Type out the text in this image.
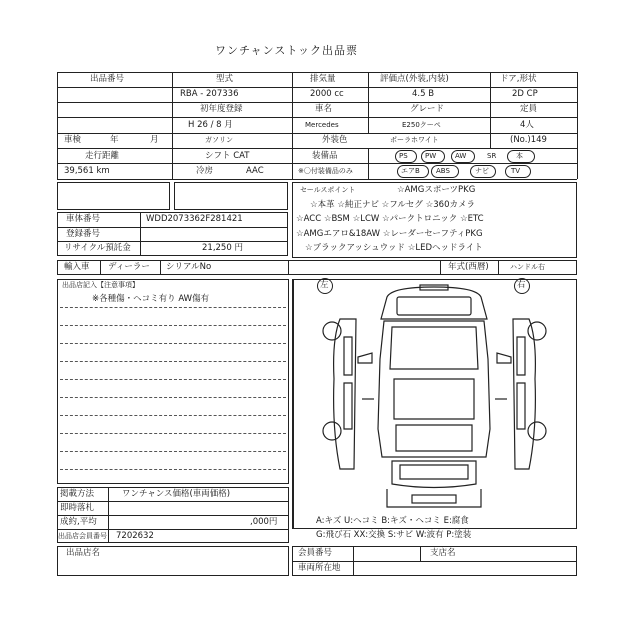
ワンチャンストック出品票
出品番号	型式	排気量	評価点(外装,内装)	ドア,形状
RBA - 207336	2000 cc	4.5 B	2D CP
初年度登録	車名	グレード	定員
H 26 / 8 月	Mercedes	E250クーペ	4人
車検	年	月	ガソリン	外装色	ポーラホワイト	(No.)149
走行距離	シフト CAT	装備品
39,561 km	冷房	AAC	※〇付装備品のみ
PS PW	AW	SR	本
エアB ABS	ナビ	TV
セールスポイント	☆AMGスポーツPKG
☆本革 ☆純正ナビ ☆フルセグ ☆360カメラ
☆ACC ☆BSM ☆LCW ☆パークトロニック ☆ETC
☆AMGエアロ&18AW ☆レーダーセーフティPKG
☆ブラックアッシュウッド ☆LEDヘッドライト
車体番号	WDD2073362F281421
登録番号
リサイクル預託金	21,250 円
輸入車 ディーラー シリアルNo	年式(西暦)	ハンドル右
出品店記入【注意事項】
※各種傷・ヘコミ有り AW傷有
左	右
A:キズ U:ヘコミ B:キズ・ヘコミ E:腐食
G:飛び石 XX:交換 S:サビ W:波有 P:塗装
掲載方法	ワンチャンス価格(車両価格)
即時落札
成約,平均	,000円
出品店会員番号 7202632
出品店名	会員番号	支店名
車両所在地
